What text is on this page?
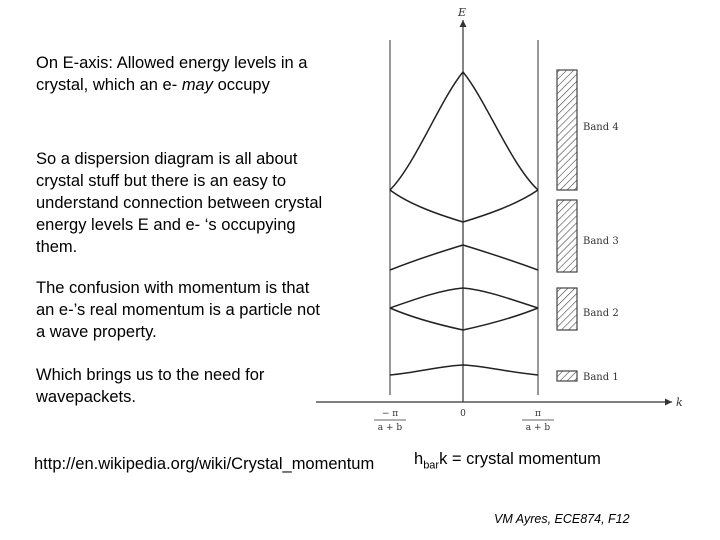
On E-axis: Allowed energy levels in a crystal, which an e- may occupy

So a dispersion diagram is all about crystal stuff but there is an easy to understand connection between crystal energy levels E and e- ‘s occupying them.

The confusion with momentum is that an e-’s real momentum is a particle not a wave property.

Which brings us to the need for wavepackets.

http://en.wikipedia.org/wiki/Crystal_momentum $h_{bar}k$ = crystal momentum
VM Ayres, ECE874, F12
Band 4
Band 3
Band 2
Band 1
E
k
− π
a + b
0	π
a + b
